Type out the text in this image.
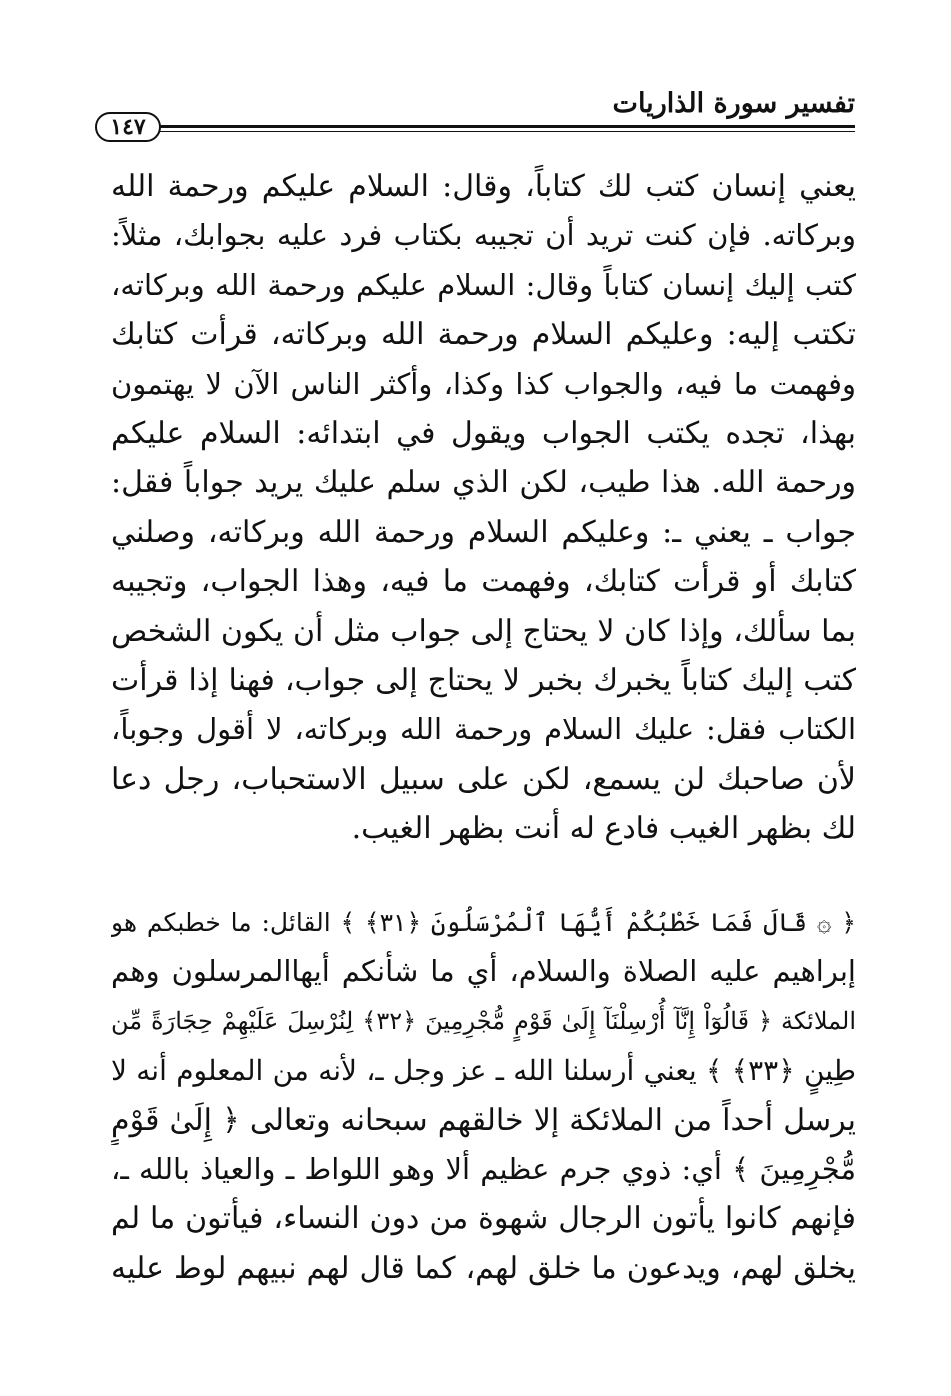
تفسير سورة الذاريات
١٤٧
يعني إنسان كتب لك كتاباً، وقال: السلام عليكم ورحمة الله
وبركاته. فإن كنت تريد أن تجيبه بكتاب فرد عليه بجوابك، مثلاً:
كتب إليك إنسان كتاباً وقال: السلام عليكم ورحمة الله وبركاته،
تكتب إليه: وعليكم السلام ورحمة الله وبركاته، قرأت كتابك
وفهمت ما فيه، والجواب كذا وكذا، وأكثر الناس الآن لا يهتمون
بهذا، تجده يكتب الجواب ويقول في ابتدائه: السلام عليكم
ورحمة الله. هذا طيب، لكن الذي سلم عليك يريد جواباً فقل:
جواب ـ يعني ـ: وعليكم السلام ورحمة الله وبركاته، وصلني
كتابك أو قرأت كتابك، وفهمت ما فيه، وهذا الجواب، وتجيبه
بما سألك، وإذا كان لا يحتاج إلى جواب مثل أن يكون الشخص
كتب إليك كتاباً يخبرك بخبر لا يحتاج إلى جواب، فهنا إذا قرأت
الكتاب فقل: عليك السلام ورحمة الله وبركاته، لا أقول وجوباً،
لأن صاحبك لن يسمع، لكن على سبيل الاستحباب، رجل دعا
لك بظهر الغيب فادع له أنت بظهر الغيب.
﴿ ۞ قَالَ فَمَا خَطْبُكُمْ أَيُّهَا ٱلْمُرْسَلُونَ ﴿٣١﴾ ﴾ القائل: ما خطبكم هو
إبراهيم عليه الصلاة والسلام، أي ما شأنكم أيهاالمرسلون وهم
الملائكة ﴿ قَالُوٓاْ إِنَّآ أُرْسِلْنَآ إِلَىٰ قَوْمٍ مُّجْرِمِينَ ﴿٣٢﴾ لِنُرْسِلَ عَلَيْهِمْ حِجَارَةً مِّن
طِينٍ ﴿٣٣﴾ ﴾ يعني أرسلنا الله ـ عز وجل ـ، لأنه من المعلوم أنه لا
يرسل أحداً من الملائكة إلا خالقهم سبحانه وتعالى ﴿ إِلَىٰ قَوْمٍ
مُّجْرِمِينَ ﴾ أي: ذوي جرم عظيم ألا وهو اللواط ـ والعياذ بالله ـ،
فإنهم كانوا يأتون الرجال شهوة من دون النساء، فيأتون ما لم
يخلق لهم، ويدعون ما خلق لهم، كما قال لهم نبيهم لوط عليه
